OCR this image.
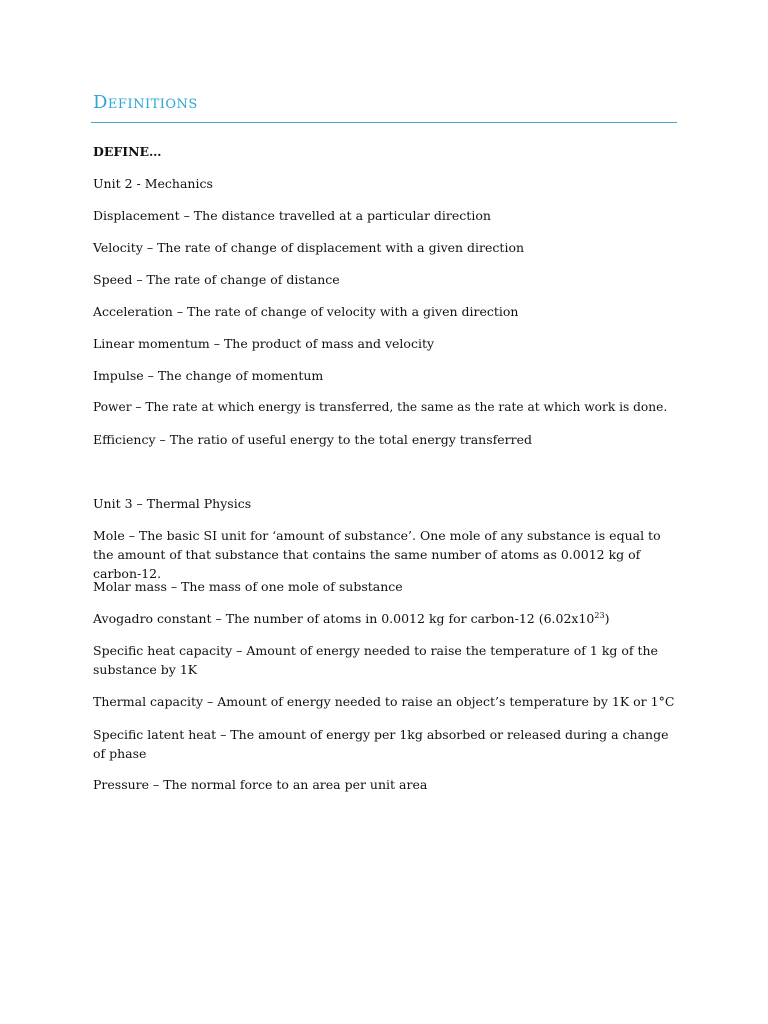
Definitions
DEFINE…
Unit 2 - Mechanics
Displacement – The distance travelled at a particular direction
Velocity – The rate of change of displacement with a given direction
Speed – The rate of change of distance
Acceleration – The rate of change of velocity with a given direction
Linear momentum – The product of mass and velocity
Impulse – The change of momentum
Power – The rate at which energy is transferred, the same as the rate at which work is done.
Efficiency – The ratio of useful energy to the total energy transferred
Unit 3 – Thermal Physics
Mole – The basic SI unit for ‘amount of substance’. One mole of any substance is equal to the amount of that substance that contains the same number of atoms as 0.0012 kg of carbon-12.
Molar mass – The mass of one mole of substance
Avogadro constant – The number of atoms in 0.0012 kg for carbon-12 $(6.02x10^{23})$
Specific heat capacity – Amount of energy needed to raise the temperature of 1 kg of the substance by 1K
Thermal capacity – Amount of energy needed to raise an object’s temperature by 1K or 1°C
Specific latent heat – The amount of energy per 1kg absorbed or released during a change of phase
Pressure – The normal force to an area per unit area
